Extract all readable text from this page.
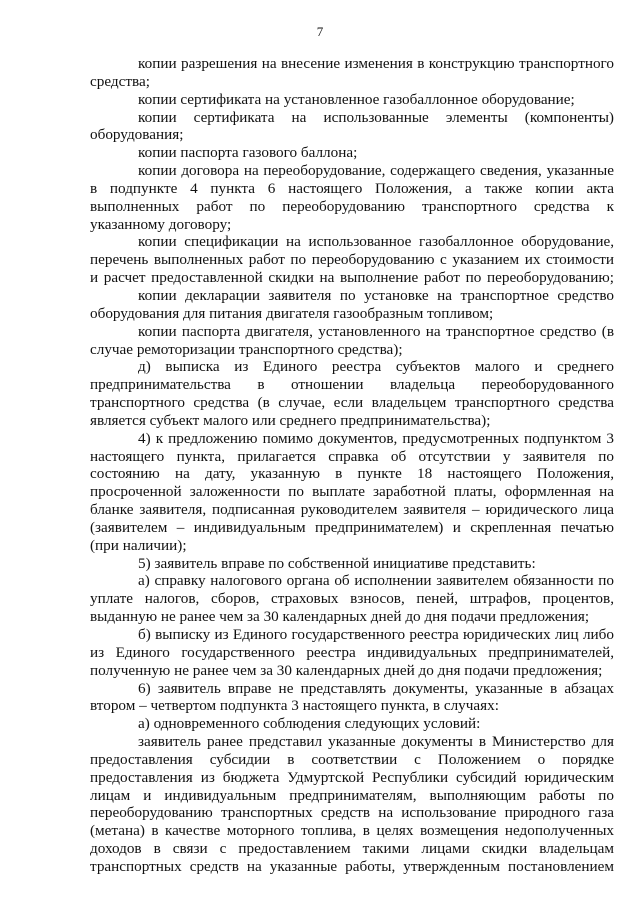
7
копии разрешения на внесение изменения в конструкцию транспортного
средства;
копии сертификата на установленное газобаллонное оборудование;
копии сертификата на использованные элементы (компоненты)
оборудования;
копии паспорта газового баллона;
копии договора на переоборудование, содержащего сведения, указанные
в подпункте 4 пункта 6 настоящего Положения, а также копии акта
выполненных работ по переоборудованию транспортного средства к
указанному договору;
копии спецификации на использованное газобаллонное оборудование,
перечень выполненных работ по переоборудованию с указанием их стоимости
и расчет предоставленной скидки на выполнение работ по переоборудованию;
копии декларации заявителя по установке на транспортное средство
оборудования для питания двигателя газообразным топливом;
копии паспорта двигателя, установленного на транспортное средство (в
случае ремоторизации транспортного средства);
д) выписка из Единого реестра субъектов малого и среднего
предпринимательства в отношении владельца переоборудованного
транспортного средства (в случае, если владельцем транспортного средства
является субъект малого или среднего предпринимательства);
4) к предложению помимо документов, предусмотренных подпунктом 3
настоящего пункта, прилагается справка об отсутствии у заявителя по
состоянию на дату, указанную в пункте 18 настоящего Положения,
просроченной заложенности по выплате заработной платы, оформленная на
бланке заявителя, подписанная руководителем заявителя – юридического лица
(заявителем – индивидуальным предпринимателем) и скрепленная печатью
(при наличии);
5) заявитель вправе по собственной инициативе представить:
а) справку налогового органа об исполнении заявителем обязанности по
уплате налогов, сборов, страховых взносов, пеней, штрафов, процентов,
выданную не ранее чем за 30 календарных дней до дня подачи предложения;
б) выписку из Единого государственного реестра юридических лиц либо
из Единого государственного реестра индивидуальных предпринимателей,
полученную не ранее чем за 30 календарных дней до дня подачи предложения;
6) заявитель вправе не представлять документы, указанные в абзацах
втором – четвертом подпункта 3 настоящего пункта, в случаях:
а) одновременного соблюдения следующих условий:
заявитель ранее представил указанные документы в Министерство для
предоставления субсидии в соответствии с Положением о порядке
предоставления из бюджета Удмуртской Республики субсидий юридическим
лицам и индивидуальным предпринимателям, выполняющим работы по
переоборудованию транспортных средств на использование природного газа
(метана) в качестве моторного топлива, в целях возмещения недополученных
доходов в связи с предоставлением такими лицами скидки владельцам
транспортных средств на указанные работы, утвержденным постановлением
